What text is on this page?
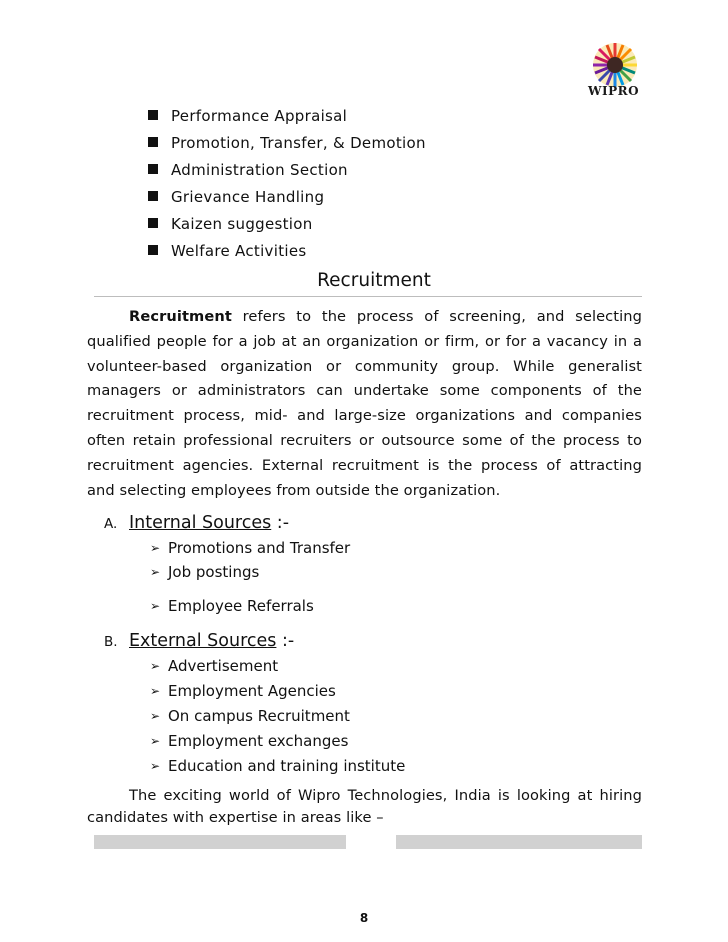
WIPRO
Performance Appraisal
Promotion, Transfer, & Demotion
Administration Section
Grievance Handling
Kaizen suggestion
Welfare Activities
Recruitment
Recruitment refers to the process of screening, and selecting qualified people for a job at an organization or firm, or for a vacancy in a volunteer-based organization or community group. While generalist managers or administrators can undertake some components of the recruitment process, mid- and large-size organizations and companies often retain professional recruiters or outsource some of the process to recruitment agencies. External recruitment is the process of attracting and selecting employees from outside the organization.
A. Internal Sources :-
➢ Promotions and Transfer
➢ Job postings
➢ Employee Referrals
B. External Sources :-
➢ Advertisement
➢ Employment Agencies
➢ On campus Recruitment
➢ Employment exchanges
➢ Education and training institute
The exciting world of Wipro Technologies, India is looking at hiring candidates with expertise in areas like –
8
